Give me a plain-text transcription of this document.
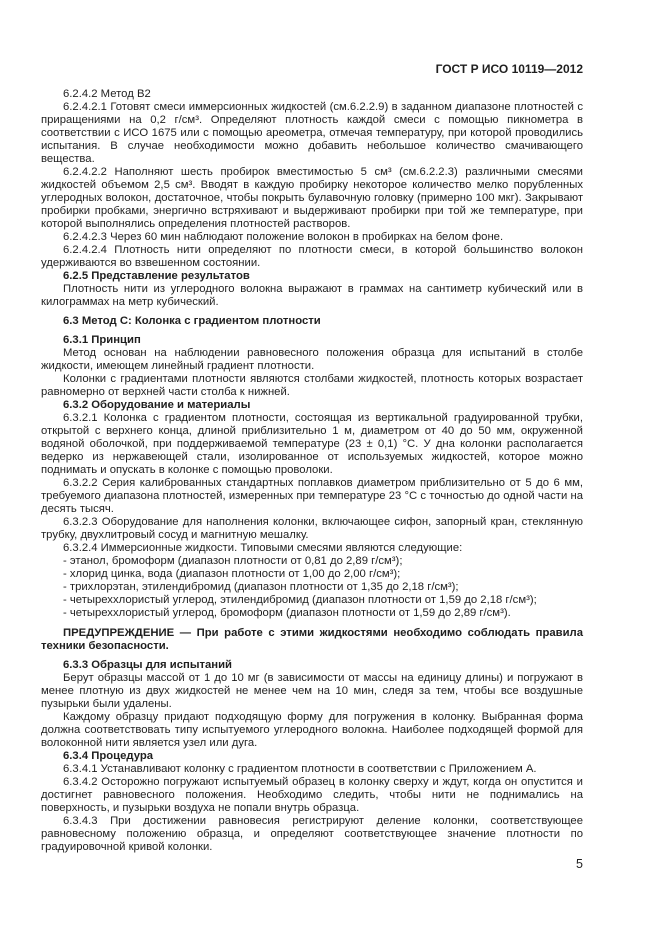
ГОСТ Р ИСО 10119—2012

6.2.4.2 Метод В2

6.2.4.2.1 Готовят смеси иммерсионных жидкостей (см.6.2.2.9) в заданном диапазоне плотностей с приращениями на 0,2 г/см³. Определяют плотность каждой смеси с помощью пикнометра в соответствии с ИСО 1675 или с помощью ареометра, отмечая температуру, при которой проводились испытания. В случае необходимости можно добавить небольшое количество смачивающего вещества.

6.2.4.2.2 Наполняют шесть пробирок вместимостью 5 см³ (см.6.2.2.3) различными смесями жидкостей объемом 2,5 см³. Вводят в каждую пробирку некоторое количество мелко порубленных углеродных волокон, достаточное, чтобы покрыть булавочную головку (примерно 100 мкг). Закрывают пробирки пробками, энергично встряхивают и выдерживают пробирки при той же температуре, при которой выполнялись определения плотностей растворов.

6.2.4.2.3 Через 60 мин наблюдают положение волокон в пробирках на белом фоне.

6.2.4.2.4 Плотность нити определяют по плотности смеси, в которой большинство волокон удерживаются во взвешенном состоянии.

6.2.5 Представление результатов

Плотность нити из углеродного волокна выражают в граммах на сантиметр кубический или в килограммах на метр кубический.

6.3 Метод C: Колонка с градиентом плотности

6.3.1 Принцип

Метод основан на наблюдении равновесного положения образца для испытаний в столбе жидкости, имеющем линейный градиент плотности.

Колонки с градиентами плотности являются столбами жидкостей, плотность которых возрастает равномерно от верхней части столба к нижней.

6.3.2 Оборудование и материалы

6.3.2.1 Колонка с градиентом плотности, состоящая из вертикальной градуированной трубки, открытой с верхнего конца, длиной приблизительно 1 м, диаметром от 40 до 50 мм, окруженной водяной оболочкой, при поддерживаемой температуре (23 ± 0,1) °С. У дна колонки располагается ведерко из нержавеющей стали, изолированное от используемых жидкостей, которое можно поднимать и опускать в колонке с помощью проволоки.

6.3.2.2 Серия калиброванных стандартных поплавков диаметром приблизительно от 5 до 6 мм, требуемого диапазона плотностей, измеренных при температуре 23 °С с точностью до одной части на десять тысяч.

6.3.2.3 Оборудование для наполнения колонки, включающее сифон, запорный кран, стеклянную трубку, двухлитровый сосуд и магнитную мешалку.

6.3.2.4 Иммерсионные жидкости. Типовыми смесями являются следующие:

- этанол, бромоформ (диапазон плотности от 0,81 до 2,89 г/см³);

- хлорид цинка, вода (диапазон плотности от 1,00 до 2,00 г/см³);

- трихлорэтан, этилендибромид (диапазон плотности от 1,35 до 2,18 г/см³);

- четыреххлористый углерод, этилендибромид (диапазон плотности от 1,59 до 2,18 г/см³);

- четыреххлористый углерод, бромоформ (диапазон плотности от 1,59 до 2,89 г/см³).

ПРЕДУПРЕЖДЕНИЕ — При работе с этими жидкостями необходимо соблюдать правила техники безопасности.

6.3.3 Образцы для испытаний

Берут образцы массой от 1 до 10 мг (в зависимости от массы на единицу длины) и погружают в менее плотную из двух жидкостей не менее чем на 10 мин, следя за тем, чтобы все воздушные пузырьки были удалены.

Каждому образцу придают подходящую форму для погружения в колонку. Выбранная форма должна соответствовать типу испытуемого углеродного волокна. Наиболее подходящей формой для волоконной нити является узел или дуга.

6.3.4 Процедура

6.3.4.1 Устанавливают колонку с градиентом плотности в соответствии с Приложением А.

6.3.4.2 Осторожно погружают испытуемый образец в колонку сверху и ждут, когда он опустится и достигнет равновесного положения. Необходимо следить, чтобы нити не поднимались на поверхность, и пузырьки воздуха не попали внутрь образца.

6.3.4.3 При достижении равновесия регистрируют деление колонки, соответствующее равновесному положению образца, и определяют соответствующее значение плотности по градуировочной кривой колонки.

5
